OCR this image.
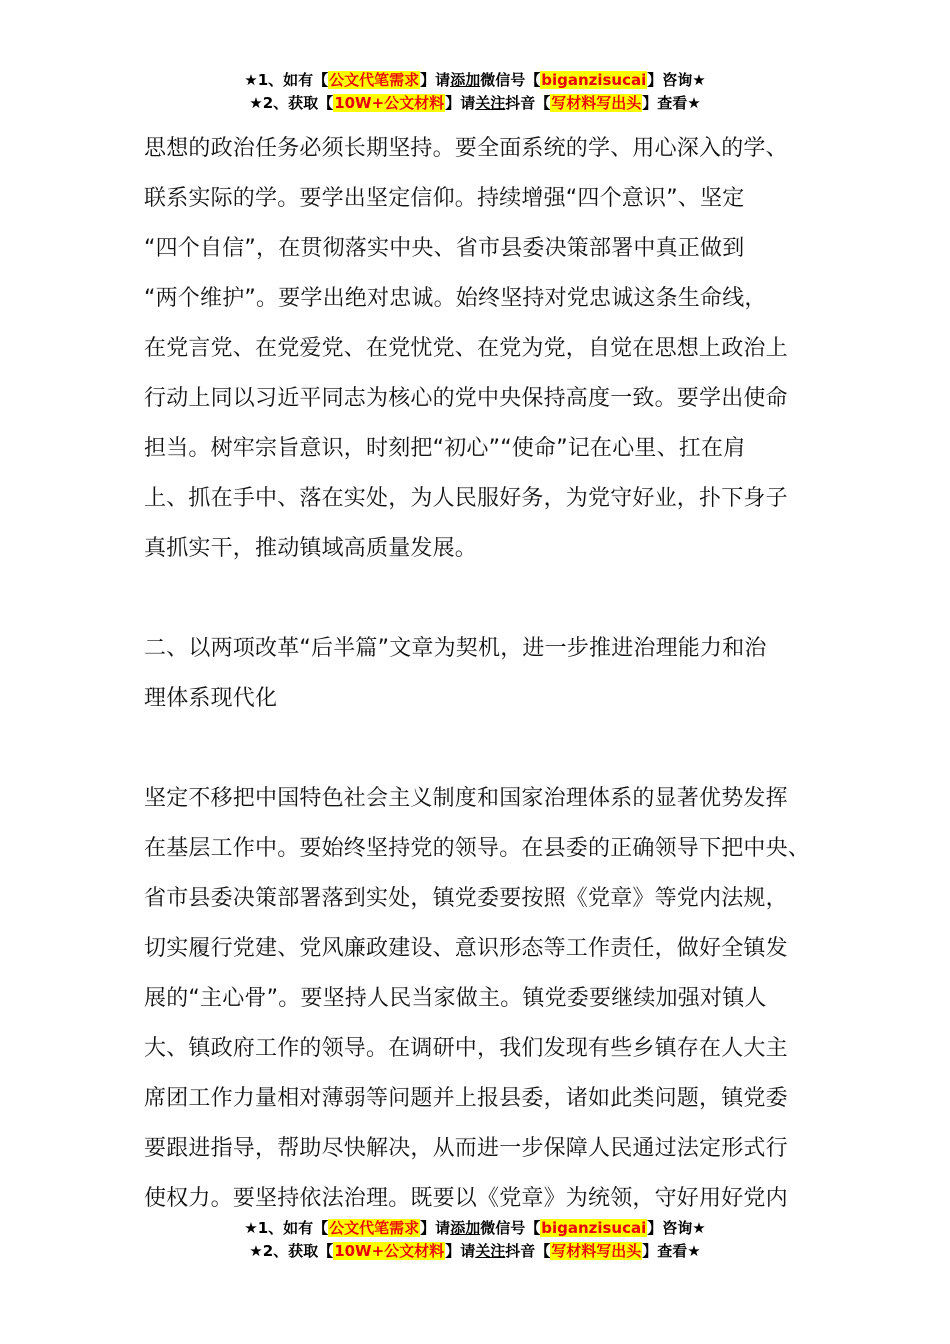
★1、如有【公文代笔需求】请添加微信号【biganzisucai】咨询★
★2、获取【10W+公文材料】请关注抖音【写材料写出头】查看★

思想的政治任务必须长期坚持。要全面系统的学、用心深入的学、
联系实际的学。要学出坚定信仰。持续增强“四个意识”、坚定
“四个自信”，在贯彻落实中央、省市县委决策部署中真正做到
“两个维护”。要学出绝对忠诚。始终坚持对党忠诚这条生命线，
在党言党、在党爱党、在党忧党、在党为党，自觉在思想上政治上
行动上同以习近平同志为核心的党中央保持高度一致。要学出使命
担当。树牢宗旨意识，时刻把“初心”“使命”记在心里、扛在肩
上、抓在手中、落在实处，为人民服好务，为党守好业，扑下身子
真抓实干，推动镇域高质量发展。

二、以两项改革“后半篇”文章为契机，进一步推进治理能力和治
理体系现代化

坚定不移把中国特色社会主义制度和国家治理体系的显著优势发挥
在基层工作中。要始终坚持党的领导。在县委的正确领导下把中央、
省市县委决策部署落到实处，镇党委要按照《党章》等党内法规，
切实履行党建、党风廉政建设、意识形态等工作责任，做好全镇发
展的“主心骨”。要坚持人民当家做主。镇党委要继续加强对镇人
大、镇政府工作的领导。在调研中，我们发现有些乡镇存在人大主
席团工作力量相对薄弱等问题并上报县委，诸如此类问题，镇党委
要跟进指导，帮助尽快解决，从而进一步保障人民通过法定形式行
使权力。要坚持依法治理。既要以《党章》为统领，守好用好党内

★1、如有【公文代笔需求】请添加微信号【biganzisucai】咨询★
★2、获取【10W+公文材料】请关注抖音【写材料写出头】查看★
